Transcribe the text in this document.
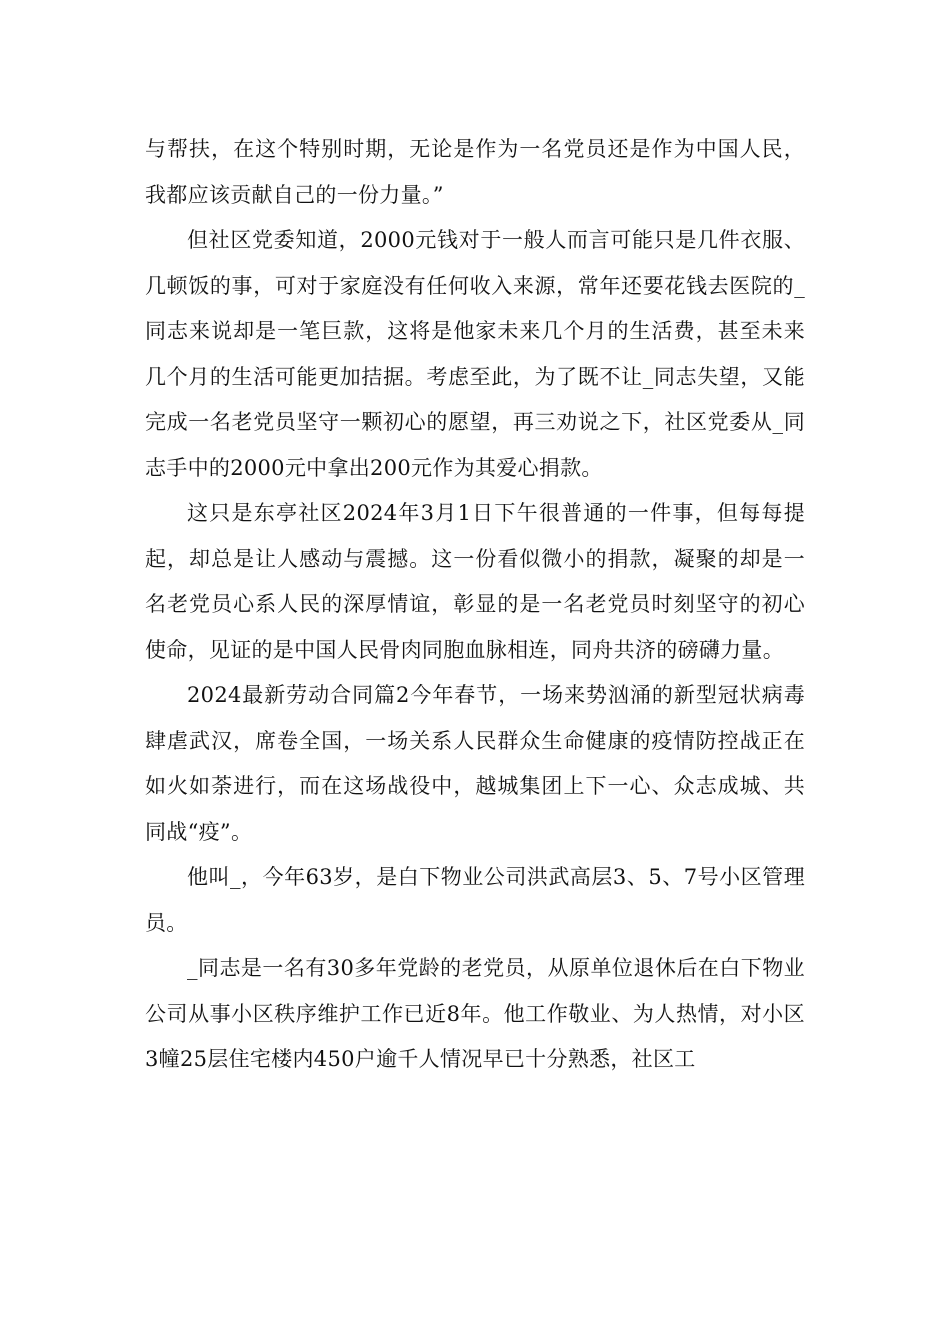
与帮扶，在这个特别时期，无论是作为一名党员还是作为中国人民，我都应该贡献自己的一份力量。”

但社区党委知道，2000元钱对于一般人而言可能只是几件衣服、几顿饭的事，可对于家庭没有任何收入来源，常年还要花钱去医院的_同志来说却是一笔巨款，这将是他家未来几个月的生活费，甚至未来几个月的生活可能更加拮据。考虑至此，为了既不让_同志失望，又能完成一名老党员坚守一颗初心的愿望，再三劝说之下，社区党委从_同志手中的2000元中拿出200元作为其爱心捐款。

这只是东亭社区2024年3月1日下午很普通的一件事，但每每提起，却总是让人感动与震撼。这一份看似微小的捐款，凝聚的却是一名老党员心系人民的深厚情谊，彰显的是一名老党员时刻坚守的初心使命，见证的是中国人民骨肉同胞血脉相连，同舟共济的磅礴力量。

2024最新劳动合同篇2今年春节，一场来势汹涌的新型冠状病毒肆虐武汉，席卷全国，一场关系人民群众生命健康的疫情防控战正在如火如荼进行，而在这场战役中，越城集团上下一心、众志成城、共同战“疫”。

他叫_，今年63岁，是白下物业公司洪武高层3、5、7号小区管理员。

_同志是一名有30多年党龄的老党员，从原单位退休后在白下物业公司从事小区秩序维护工作已近8年。他工作敬业、为人热情，对小区3幢25层住宅楼内450户逾千人情况早已十分熟悉，社区工
